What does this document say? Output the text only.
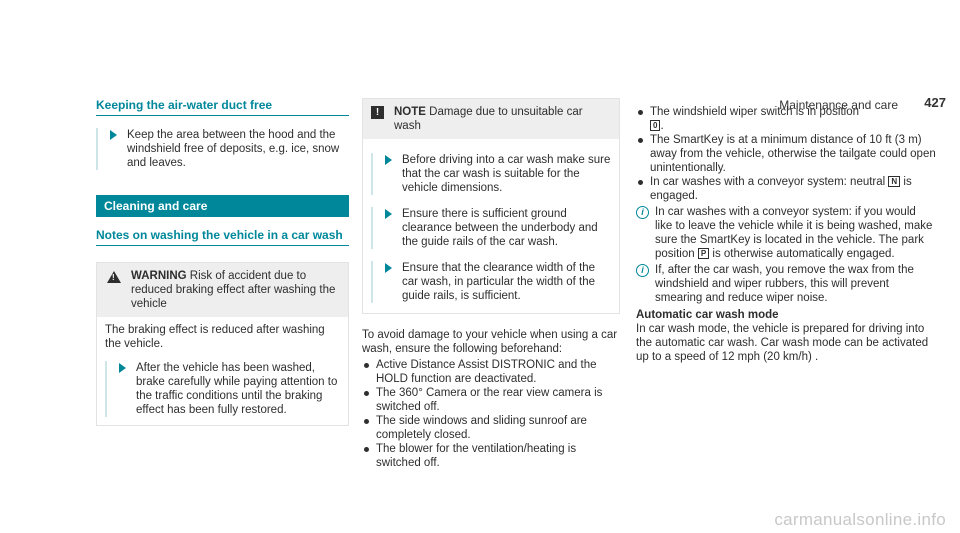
Maintenance and care 427
Keeping the air-water duct free
Keep the area between the hood and the windshield free of deposits, e.g. ice, snow and leaves.
Cleaning and care
Notes on washing the vehicle in a car wash
! WARNING Risk of accident due to reduced braking effect after washing the vehicle
The braking effect is reduced after washing the vehicle.
After the vehicle has been washed, brake carefully while paying attention to the traffic conditions until the braking effect has been fully restored.
!	NOTE Damage due to unsuitable car wash
Before driving into a car wash make sure that the car wash is suitable for the vehicle dimensions.
Ensure there is sufficient ground clearance between the underbody and the guide rails of the car wash.
Ensure that the clearance width of the car wash, in particular the width of the guide rails, is sufficient.
To avoid damage to your vehicle when using a car wash, ensure the following beforehand:
Active Distance Assist DISTRONIC and the HOLD function are deactivated.
The 360° Camera or the rear view camera is switched off.
The side windows and sliding sunroof are completely closed.
The blower for the ventilation/heating is switched off.
The windshield wiper switch is in position
0 .
The SmartKey is at a minimum distance of 10 ft (3 m) away from the vehicle, otherwise the tailgate could open unintentionally.
In car washes with a conveyor system: neutral N is engaged.
i In car washes with a conveyor system: if you would like to leave the vehicle while it is being washed, make sure the SmartKey is located in the vehicle. The park position P is otherwise automatically engaged.
i If, after the car wash, you remove the wax from the windshield and wiper rubbers, this will prevent smearing and reduce wiper noise.
Automatic car wash mode
In car wash mode, the vehicle is prepared for driving into the automatic car wash. Car wash mode can be activated up to a speed of 12 mph (20 km/h) .
carmanualsonline.info
